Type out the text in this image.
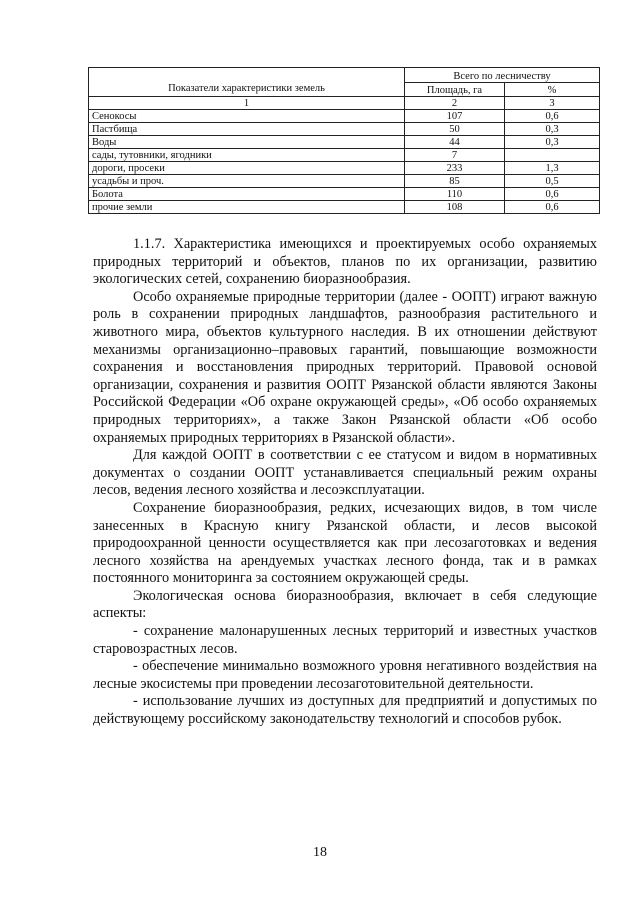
Показатели характеристики земель	Всего по лесничеству	
	Площадь, га	%
1	2	3
Сенокосы	107	0,6
Пастбища	50	0,3
Воды	44	0,3
сады, тутовники, ягодники	7	
дороги, просеки	233	1,3
усадьбы и проч.	85	0,5
Болота	110	0,6
прочие земли	108	0,6

1.1.7. Характеристика имеющихся и проектируемых особо охраняемых природных территорий и объектов, планов по их организации, развитию экологических сетей, сохранению биоразнообразия.

Особо охраняемые природные территории (далее - ООПТ) играют важную роль в сохранении природных ландшафтов, разнообразия растительного и животного мира, объектов культурного наследия. В их отношении действуют механизмы организационно–правовых гарантий, повышающие возможности сохранения и восстановления природных территорий. Правовой основой организации, сохранения и развития ООПТ Рязанской области являются Законы Российской Федерации «Об охране окружающей среды», «Об особо охраняемых природных территориях», а также Закон Рязанской области «Об особо охраняемых природных территориях в Рязанской области».

Для каждой ООПТ в соответствии с ее статусом и видом в нормативных документах о создании ООПТ устанавливается специальный режим охраны лесов, ведения лесного хозяйства и лесоэксплуатации.

Сохранение биоразнообразия, редких, исчезающих видов, в том числе занесенных в Красную книгу Рязанской области, и лесов высокой природоохранной ценности осуществляется как при лесозаготовках и ведения лесного хозяйства на арендуемых участках лесного фонда, так и в рамках постоянного мониторинга за состоянием окружающей среды.

Экологическая основа биоразнообразия, включает в себя следующие аспекты:

- сохранение малонарушенных лесных территорий и известных участков старовозрастных лесов.

- обеспечение минимально возможного уровня негативного воздействия на лесные экосистемы при проведении лесозаготовительной деятельности.

- использование лучших из доступных для предприятий и допустимых по действующему российскому законодательству технологий и способов рубок.

18
